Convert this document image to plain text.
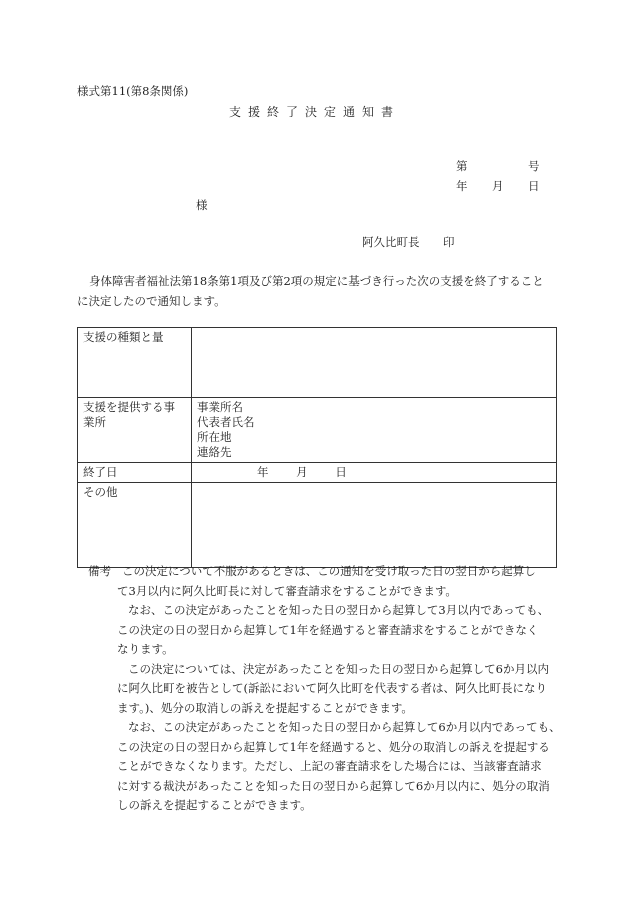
様式第11(第8条関係)
支援終了決定通知書
第	号
年 月 日
様
阿久比町長 印
身体障害者福祉法第18条第1項及び第2項の規定に基づき行った次の支援を終了すること
に決定したので通知します。
支援の種類と量	

支援を提供する事
業所	事業所名
代表者氏名
所在地
連絡先

終了日	年 月 日
その他	
備考 この決定について不服があるときは、この通知を受け取った日の翌日から起算し
て3月以内に阿久比町長に対して審査請求をすることができます。
なお、この決定があったことを知った日の翌日から起算して3月以内であっても、
この決定の日の翌日から起算して1年を経過すると審査請求をすることができなく
なります。
この決定については、決定があったことを知った日の翌日から起算して6か月以内
に阿久比町を被告として(訴訟において阿久比町を代表する者は、阿久比町長になり
ます。)、処分の取消しの訴えを提起することができます。
なお、この決定があったことを知った日の翌日から起算して6か月以内であっても、
この決定の日の翌日から起算して1年を経過すると、処分の取消しの訴えを提起する
ことができなくなります。ただし、上記の審査請求をした場合には、当該審査請求
に対する裁決があったことを知った日の翌日から起算して6か月以内に、処分の取消
しの訴えを提起することができます。
